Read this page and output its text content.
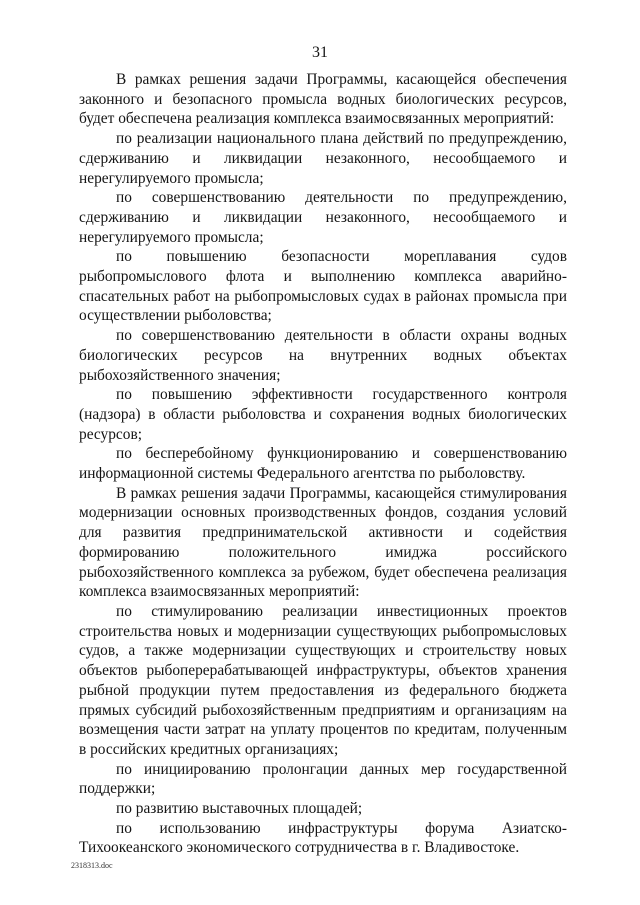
31

В рамках решения задачи Программы, касающейся обеспечения законного и безопасного промысла водных биологических ресурсов, будет обеспечена реализация комплекса взаимосвязанных мероприятий:

по реализации национального плана действий по предупреждению, сдерживанию и ликвидации незаконного, несообщаемого и нерегулируемого промысла;

по совершенствованию деятельности по предупреждению, сдерживанию и ликвидации незаконного, несообщаемого и нерегулируемого промысла;

по повышению безопасности мореплавания судов рыбопромыслового флота и выполнению комплекса аварийно-спасательных работ на рыбопромысловых судах в районах промысла при осуществлении рыболовства;

по совершенствованию деятельности в области охраны водных биологических ресурсов на внутренних водных объектах рыбохозяйственного значения;

по повышению эффективности государственного контроля (надзора) в области рыболовства и сохранения водных биологических ресурсов;

по бесперебойному функционированию и совершенствованию информационной системы Федерального агентства по рыболовству.

В рамках решения задачи Программы, касающейся стимулирования модернизации основных производственных фондов, создания условий для развития предпринимательской активности и содействия формированию положительного имиджа российского рыбохозяйственного комплекса за рубежом, будет обеспечена реализация комплекса взаимосвязанных мероприятий:

по стимулированию реализации инвестиционных проектов строительства новых и модернизации существующих рыбопромысловых судов, а также модернизации существующих и строительству новых объектов рыбоперерабатывающей инфраструктуры, объектов хранения рыбной продукции путем предоставления из федерального бюджета прямых субсидий рыбохозяйственным предприятиям и организациям на возмещения части затрат на уплату процентов по кредитам, полученным в российских кредитных организациях;

по инициированию пролонгации данных мер государственной поддержки;

по развитию выставочных площадей;

по использованию инфраструктуры форума Азиатско-Тихоокеанского экономического сотрудничества в г. Владивостоке.

2318313.doc
